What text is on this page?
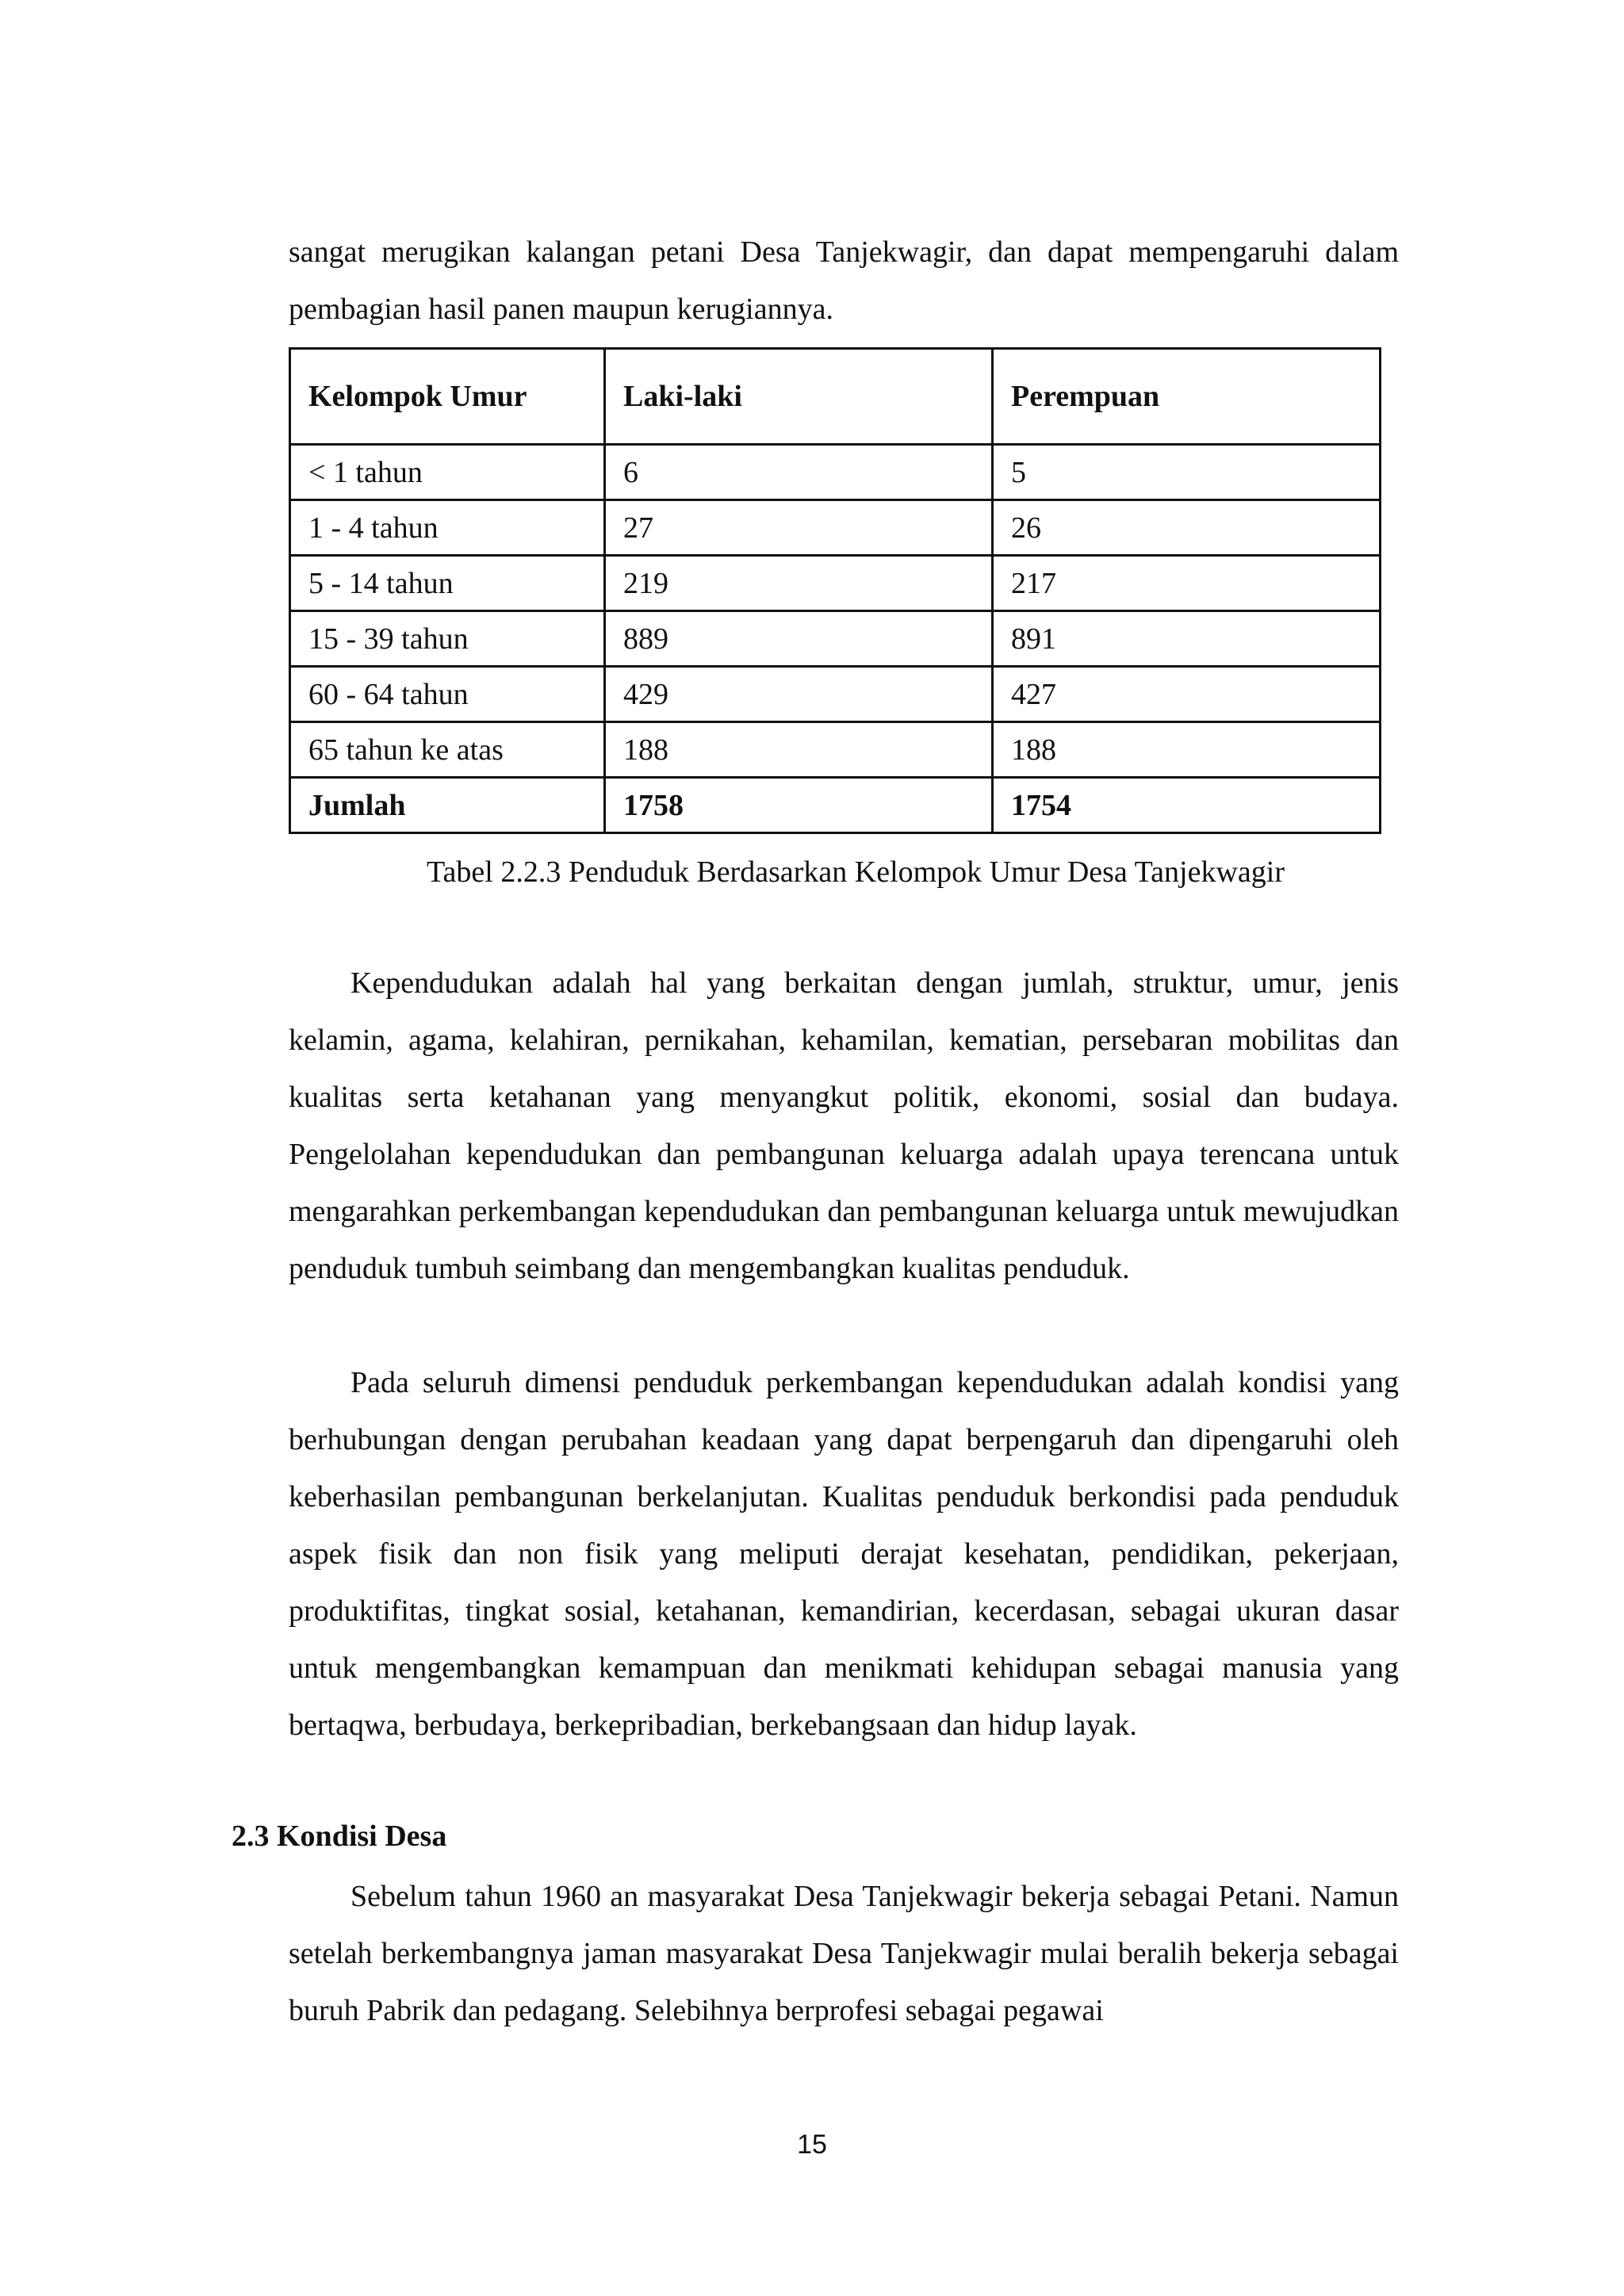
sangat merugikan kalangan petani Desa Tanjekwagir, dan dapat mempengaruhi dalam pembagian hasil panen maupun kerugiannya.

Kelompok Umur	Laki-laki	Perempuan
< 1 tahun	6	5
1 - 4 tahun	27	26
5 - 14 tahun	219	217
15 - 39 tahun	889	891
60 - 64 tahun	429	427
65 tahun ke atas	188	188
Jumlah	1758	1754

Tabel 2.2.3 Penduduk Berdasarkan Kelompok Umur Desa Tanjekwagir

Kependudukan adalah hal yang berkaitan dengan jumlah, struktur, umur, jenis kelamin, agama, kelahiran, pernikahan, kehamilan, kematian, persebaran mobilitas dan kualitas serta ketahanan yang menyangkut politik, ekonomi, sosial dan budaya. Pengelolahan kependudukan dan pembangunan keluarga adalah upaya terencana untuk mengarahkan perkembangan kependudukan dan pembangunan keluarga untuk mewujudkan penduduk tumbuh seimbang dan mengembangkan kualitas penduduk.

Pada seluruh dimensi penduduk perkembangan kependudukan adalah kondisi yang berhubungan dengan perubahan keadaan yang dapat berpengaruh dan dipengaruhi oleh keberhasilan pembangunan berkelanjutan. Kualitas penduduk berkondisi pada penduduk aspek fisik dan non fisik yang meliputi derajat kesehatan, pendidikan, pekerjaan, produktifitas, tingkat sosial, ketahanan, kemandirian, kecerdasan, sebagai ukuran dasar untuk mengembangkan kemampuan dan menikmati kehidupan sebagai manusia yang bertaqwa, berbudaya, berkepribadian, berkebangsaan dan hidup layak.

2.3 Kondisi Desa

Sebelum tahun 1960 an masyarakat Desa Tanjekwagir bekerja sebagai Petani. Namun setelah berkembangnya jaman masyarakat Desa Tanjekwagir mulai beralih bekerja sebagai buruh Pabrik dan pedagang. Selebihnya berprofesi sebagai pegawai

15
